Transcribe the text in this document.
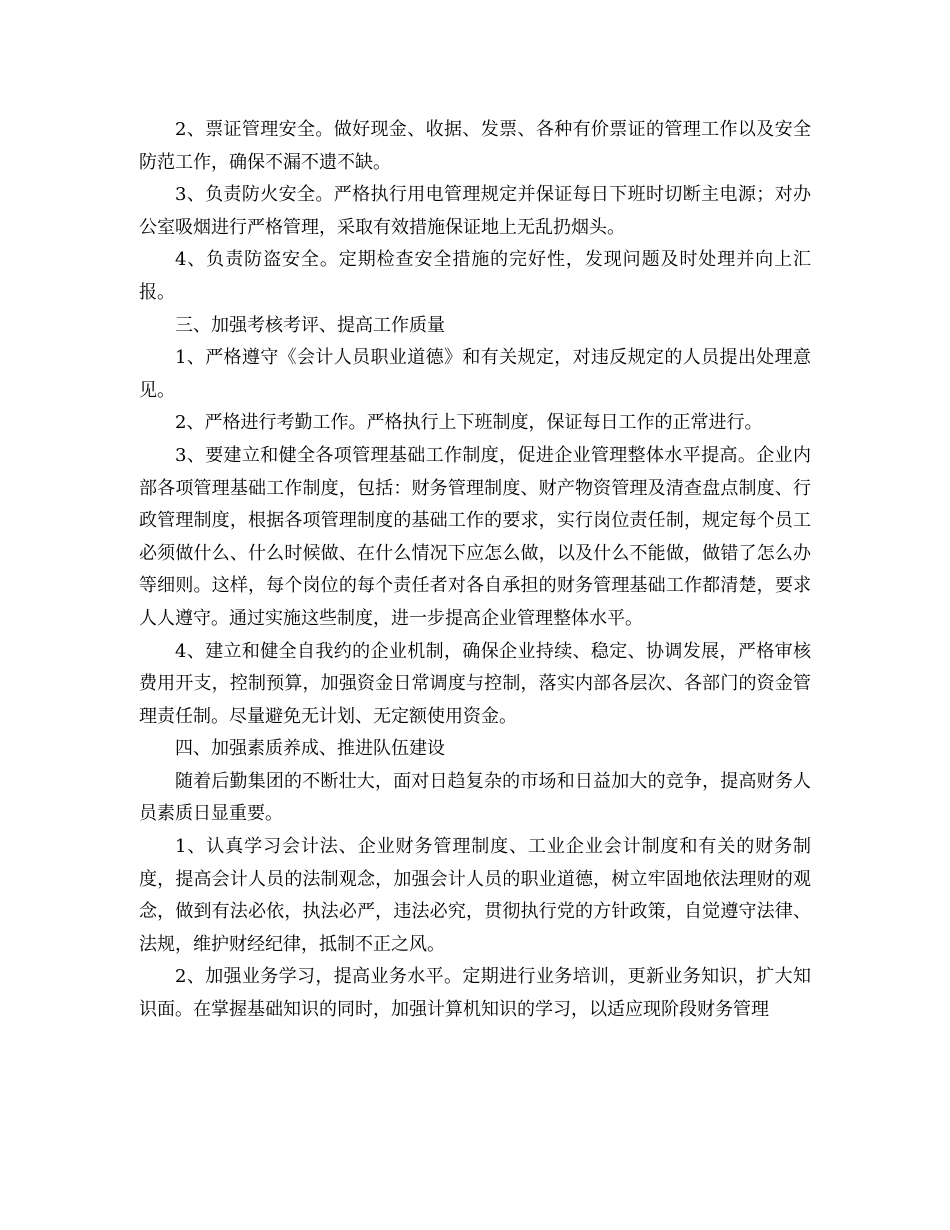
2、票证管理安全。做好现金、收据、发票、各种有价票证的管理工作以及安全防范工作，确保不漏不遗不缺。

3、负责防火安全。严格执行用电管理规定并保证每日下班时切断主电源；对办公室吸烟进行严格管理，采取有效措施保证地上无乱扔烟头。

4、负责防盗安全。定期检查安全措施的完好性，发现问题及时处理并向上汇报。

三、加强考核考评、提高工作质量

1、严格遵守《会计人员职业道德》和有关规定，对违反规定的人员提出处理意见。

2、严格进行考勤工作。严格执行上下班制度，保证每日工作的正常进行。

3、要建立和健全各项管理基础工作制度，促进企业管理整体水平提高。企业内部各项管理基础工作制度，包括：财务管理制度、财产物资管理及清查盘点制度、行政管理制度，根据各项管理制度的基础工作的要求，实行岗位责任制，规定每个员工必须做什么、什么时候做、在什么情况下应怎么做，以及什么不能做，做错了怎么办等细则。这样，每个岗位的每个责任者对各自承担的财务管理基础工作都清楚，要求人人遵守。通过实施这些制度，进一步提高企业管理整体水平。

4、建立和健全自我约的企业机制，确保企业持续、稳定、协调发展，严格审核费用开支，控制预算，加强资金日常调度与控制，落实内部各层次、各部门的资金管理责任制。尽量避免无计划、无定额使用资金。

四、加强素质养成、推进队伍建设

随着后勤集团的不断壮大，面对日趋复杂的市场和日益加大的竞争，提高财务人员素质日显重要。

1、认真学习会计法、企业财务管理制度、工业企业会计制度和有关的财务制度，提高会计人员的法制观念，加强会计人员的职业道德，树立牢固地依法理财的观念，做到有法必依，执法必严，违法必究，贯彻执行党的方针政策，自觉遵守法律、法规，维护财经纪律，抵制不正之风。

2、加强业务学习，提高业务水平。定期进行业务培训，更新业务知识，扩大知识面。在掌握基础知识的同时，加强计算机知识的学习，以适应现阶段财务管理
